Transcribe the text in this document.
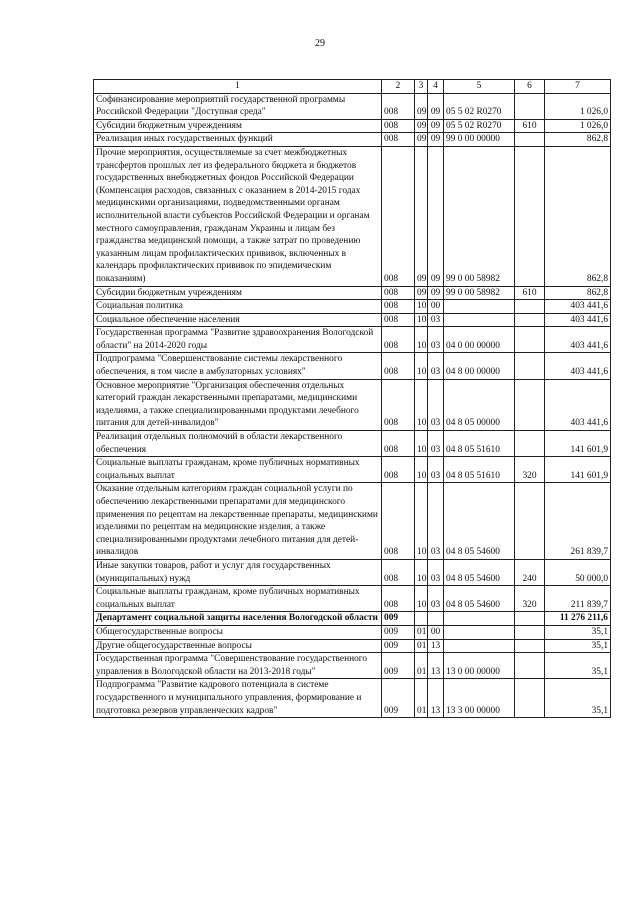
29
1	2	3	4	5	6	7
Софинансирование мероприятий государственной программы Российской Федерации "Доступная среда"	008	09	09	05 5 02 R0270		1 026,0
Субсидии бюджетным учреждениям	008	09	09	05 5 02 R0270	610	1 026,0
Реализация иных государственных функций	008	09	09	99 0 00 00000		862,8
Прочие мероприятия, осуществляемые за счет межбюджетных трансфертов прошлых лет из федерального бюджета и бюджетов государственных внебюджетных фондов Российской Федерации (Компенсация расходов, связанных с оказанием в 2014-2015 годах медицинскими организациями, подведомственными органам исполнительной власти субъектов Российской Федерации и органам местного самоуправления, гражданам Украины и лицам без гражданства медицинской помощи, а также затрат по проведению указанным лицам профилактических прививок, включенных в календарь профилактических прививок по эпидемическим показаниям)	008	09	09	99 0 00 58982		862,8
Субсидии бюджетным учреждениям	008	09	09	99 0 00 58982	610	862,8
Социальная политика	008	10	00			403 441,6
Социальное обеспечение населения	008	10	03			403 441,6
Государственная программа "Развитие здравоохранения Вологодской области" на 2014-2020 годы	008	10	03	04 0 00 00000		403 441,6
Подпрограмма "Совершенствование системы лекарственного обеспечения, в том числе в амбулаторных условиях"	008	10	03	04 8 00 00000		403 441,6
Основное мероприятие "Организация обеспечения отдельных категорий граждан лекарственными препаратами, медицинскими изделиями, а также специализированными продуктами лечебного питания для детей-инвалидов"	008	10	03	04 8 05 00000		403 441,6
Реализация отдельных полномочий в области лекарственного обеспечения	008	10	03	04 8 05 51610		141 601,9
Социальные выплаты гражданам, кроме публичных нормативных социальных выплат	008	10	03	04 8 05 51610	320	141 601,9
Оказание отдельным категориям граждан социальной услуги по обеспечению лекарственными препаратами для медицинского применения по рецептам на лекарственные препараты, медицинскими изделиями по рецептам на медицинские изделия, а также специализированными продуктами лечебного питания для детей-инвалидов	008	10	03	04 8 05 54600		261 839,7
Иные закупки товаров, работ и услуг для государственных (муниципальных) нужд	008	10	03	04 8 05 54600	240	50 000,0
Социальные выплаты гражданам, кроме публичных нормативных социальных выплат	008	10	03	04 8 05 54600	320	211 839,7
Департамент социальной защиты населения Вологодской области	009					11 276 211,6
Общегосударственные вопросы	009	01	00			35,1
Другие общегосударственные вопросы	009	01	13			35,1
Государственная программа "Совершенствование государственного управления в Вологодской области на 2013-2018 годы"	009	01	13	13 0 00 00000		35,1
Подпрограмма "Развитие кадрового потенциала в системе государственного и муниципального управления, формирование и подготовка резервов управленческих кадров"	009	01	13	13 3 00 00000		35,1
